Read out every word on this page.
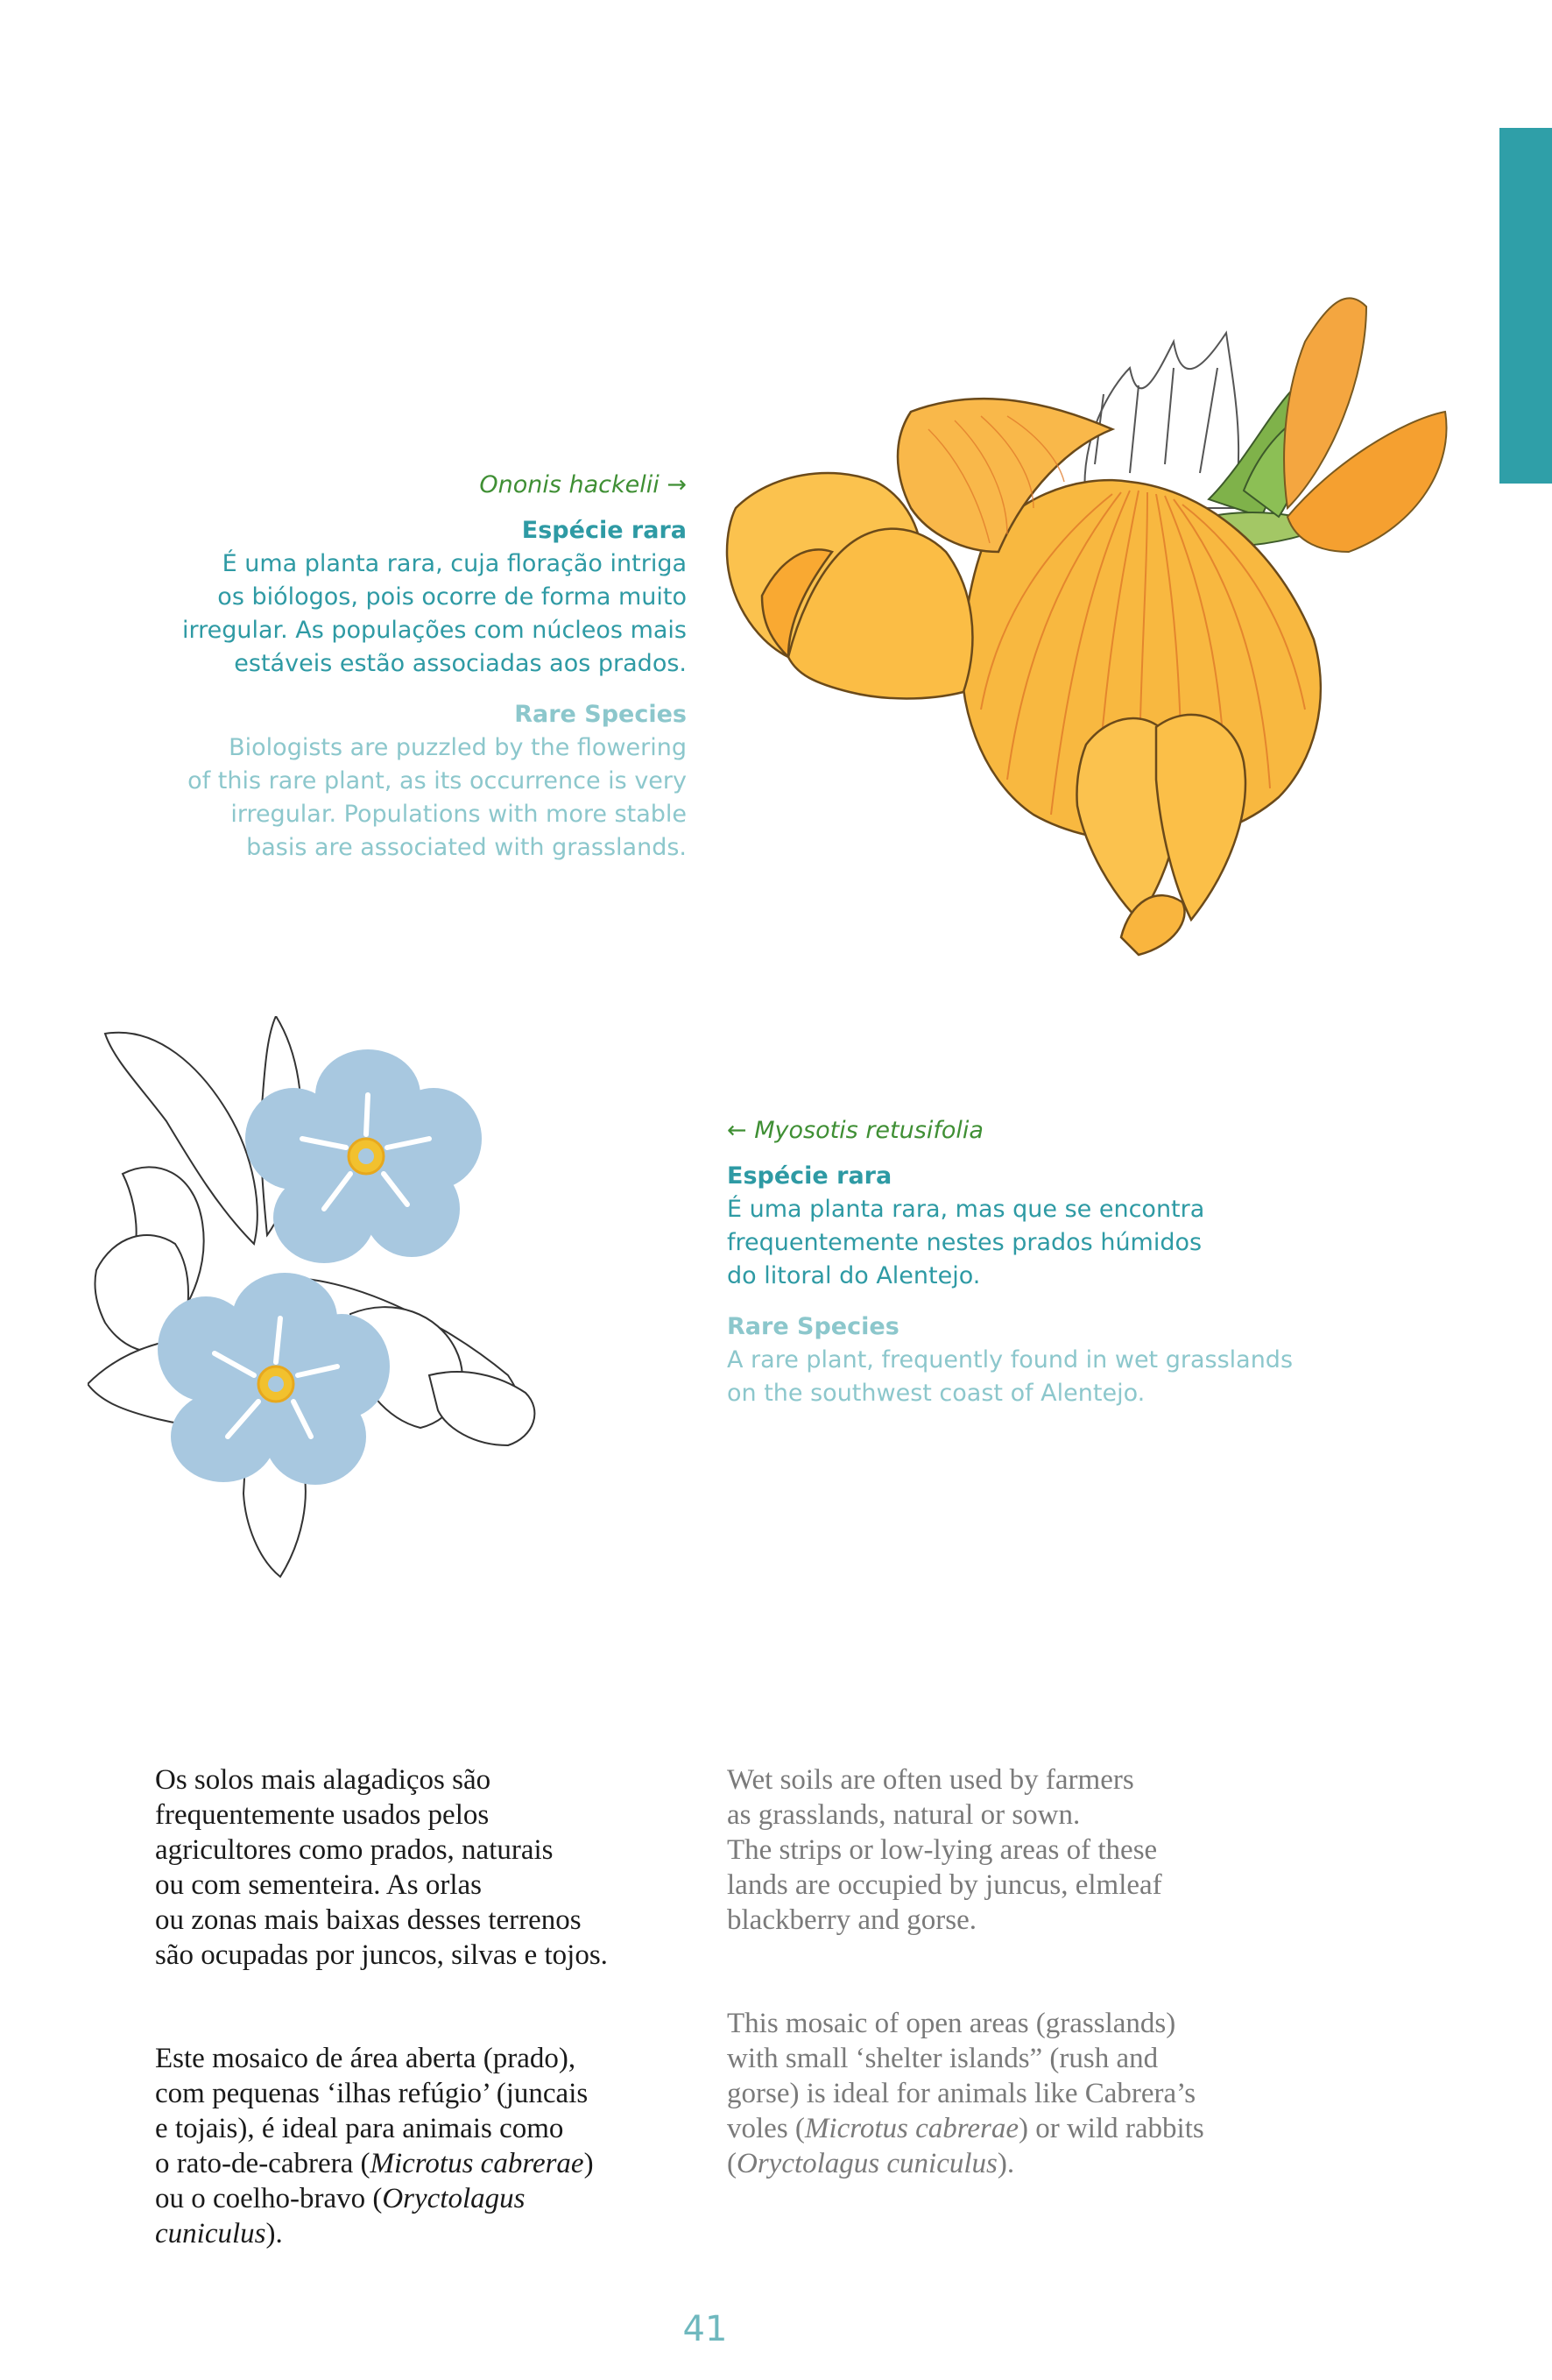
Ononis hackelii →
Espécie rara
É uma planta rara, cuja floração intriga
os biólogos, pois ocorre de forma muito
irregular. As populações com núcleos mais
estáveis estão associadas aos prados.
Rare Species
Biologists are puzzled by the flowering
of this rare plant, as its occurrence is very
irregular. Populations with more stable
basis are associated with grasslands.
← Myosotis retusifolia
Espécie rara
É uma planta rara, mas que se encontra
frequentemente nestes prados húmidos
do litoral do Alentejo.
Rare Species
A rare plant, frequently found in wet grasslands
on the southwest coast of Alentejo.

Os solos mais alagadiços são
frequentemente usados pelos
agricultores como prados, naturais
ou com sementeira. As orlas
ou zonas mais baixas desses terrenos
são ocupadas por juncos, silvas e tojos.

Este mosaico de área aberta (prado),
com pequenas ‘ilhas refúgio’ (juncais
e tojais), é ideal para animais como
o rato-de-cabrera (Microtus cabrerae)
ou o coelho-bravo (Oryctolagus
cuniculus).

Wet soils are often used by farmers
as grasslands, natural or sown.
The strips or low-lying areas of these
lands are occupied by juncus, elmleaf
blackberry and gorse.

This mosaic of open areas (grasslands)
with small ‘shelter islands” (rush and
gorse) is ideal for animals like Cabrera’s
voles (Microtus cabrerae) or wild rabbits
(Oryctolagus cuniculus).

41
